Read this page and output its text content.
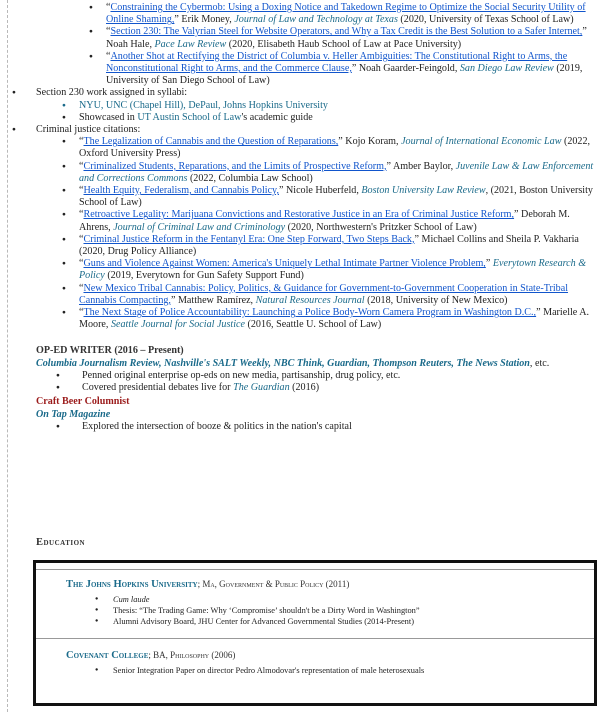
● “Constraining the Cybermob: Using a Doxing Notice and Takedown Regime to Optimize the Social Security Utility of Online Shaming,” Erik Money, Journal of Law and Technology at Texas (2020, University of Texas School of Law)
● “Section 230: The Valyrian Steel for Website Operators, and Why a Tax Credit is the Best Solution to a Safer Internet,” Noah Hale, Pace Law Review (2020, Elisabeth Haub School of Law at Pace University)
● “Another Shot at Rectifying the District of Columbia v. Heller Ambiguities: The Constitutional Right to Arms, the Nonconstitutional Right to Arms, and the Commerce Clause,” Noah Gaarder-Feingold, San Diego Law Review (2019, University of San Diego School of Law)
● Section 230 work assigned in syllabi:
● NYU, UNC (Chapel Hill), DePaul, Johns Hopkins University
● Showcased in UT Austin School of Law's academic guide
● Criminal justice citations:
● “The Legalization of Cannabis and the Question of Reparations,” Kojo Koram, Journal of International Economic Law (2022, Oxford University Press)
● “Criminalized Students, Reparations, and the Limits of Prospective Reform,” Amber Baylor, Juvenile Law & Law Enforcement and Corrections Commons (2022, Columbia Law School)
● “Health Equity, Federalism, and Cannabis Policy,” Nicole Huberfeld, Boston University Law Review, (2021, Boston University School of Law)
● “Retroactive Legality: Marijuana Convictions and Restorative Justice in an Era of Criminal Justice Reform,” Deborah M. Ahrens, Journal of Criminal Law and Criminology (2020, Northwestern's Pritzker School of Law)
● “Criminal Justice Reform in the Fentanyl Era: One Step Forward, Two Steps Back,” Michael Collins and Sheila P. Vakharia (2020, Drug Policy Alliance)
● “Guns and Violence Against Women: America's Uniquely Lethal Intimate Partner Violence Problem,” Everytown Research & Policy (2019, Everytown for Gun Safety Support Fund)
● “New Mexico Tribal Cannabis: Policy, Politics, & Guidance for Government-to-Government Cooperation in State-Tribal Cannabis Compacting,” Matthew Ramírez, Natural Resources Journal (2018, University of New Mexico)
● “The Next Stage of Police Accountability: Launching a Police Body-Worn Camera Program in Washington D.C.,” Marielle A. Moore, Seattle Journal for Social Justice (2016, Seattle U. School of Law)
OP-ED WRITER (2016 – Present)
Columbia Journalism Review, Nashville's SALT Weekly, NBC Think, Guardian, Thompson Reuters, The News Station, etc.
● Penned original enterprise op-eds on new media, partisanship, drug policy, etc.
● Covered presidential debates live for The Guardian (2016)
Craft Beer Columnist
On Tap Magazine
● Explored the intersection of booze & politics in the nation's capital
Education
The Johns Hopkins University; Ma, Government & Public Policy (2011)
● Cum laude
● Thesis: “The Trading Game: Why ‘Compromise’ shouldn't be a Dirty Word in Washington”
● Alumni Advisory Board, JHU Center for Advanced Governmental Studies (2014-Present)
Covenant College; BA, Philosophy (2006)
● Senior Integration Paper on director Pedro Almodovar's representation of male heterosexuals
